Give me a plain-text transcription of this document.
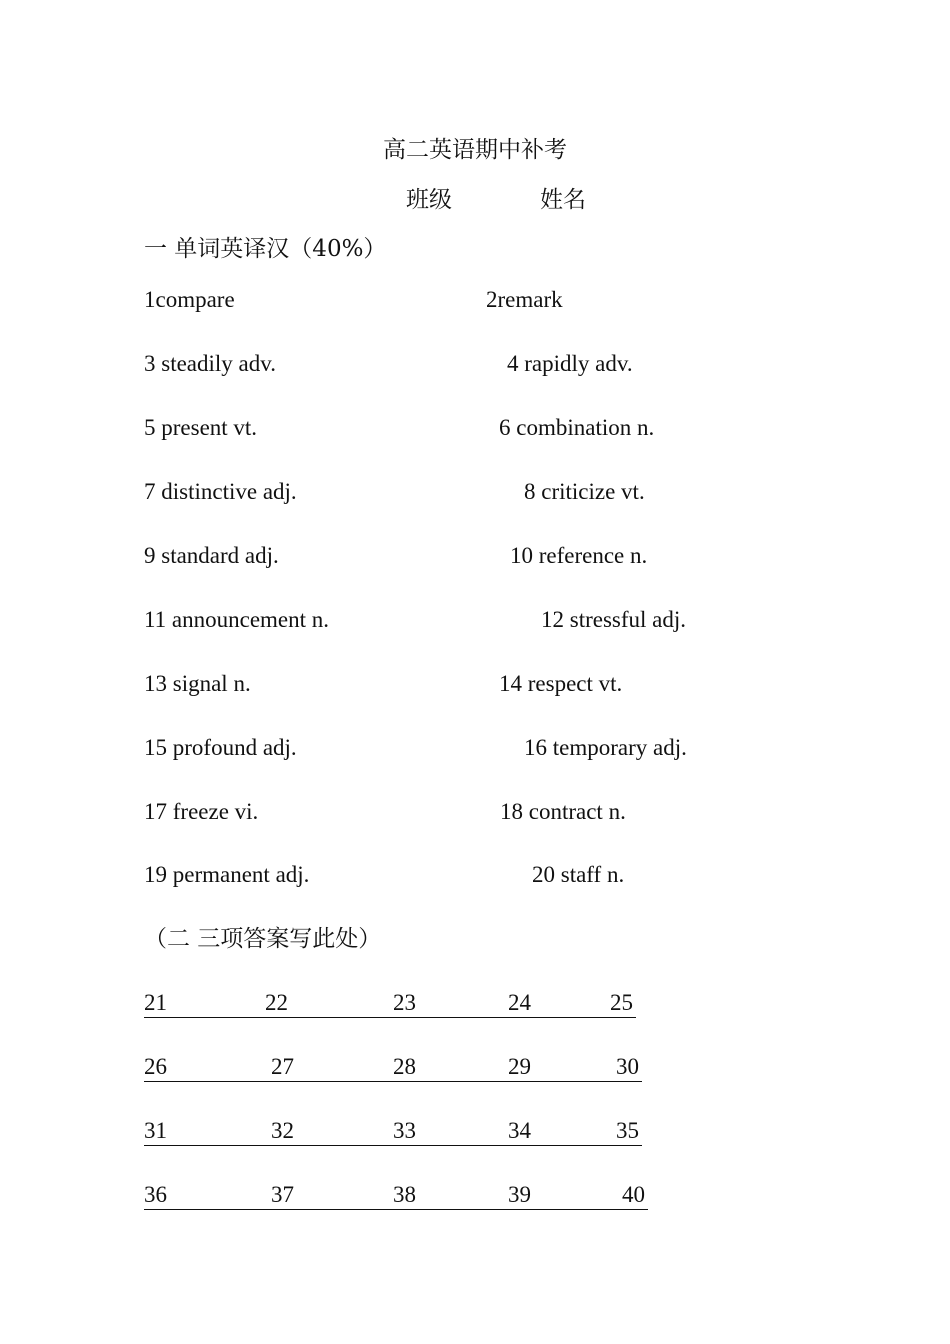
高二英语期中补考
班级	姓名
一 单词英译汉（40%）
1compare	2remark
3 steadily adv.	4 rapidly adv.
5 present vt.	6 combination n.
7 distinctive adj.	8 criticize vt.
9 standard adj.	10 reference n.
11 announcement n.	12 stressful adj.
13 signal n.	14 respect vt.
15 profound adj.	16 temporary adj.
17 freeze vi.	18 contract n.
19 permanent adj.	20 staff n.
（二 三项答案写此处）
21	22	23	24	25
26	27	28	29	30
31	32	33	34	35
36	37	38	39	40
